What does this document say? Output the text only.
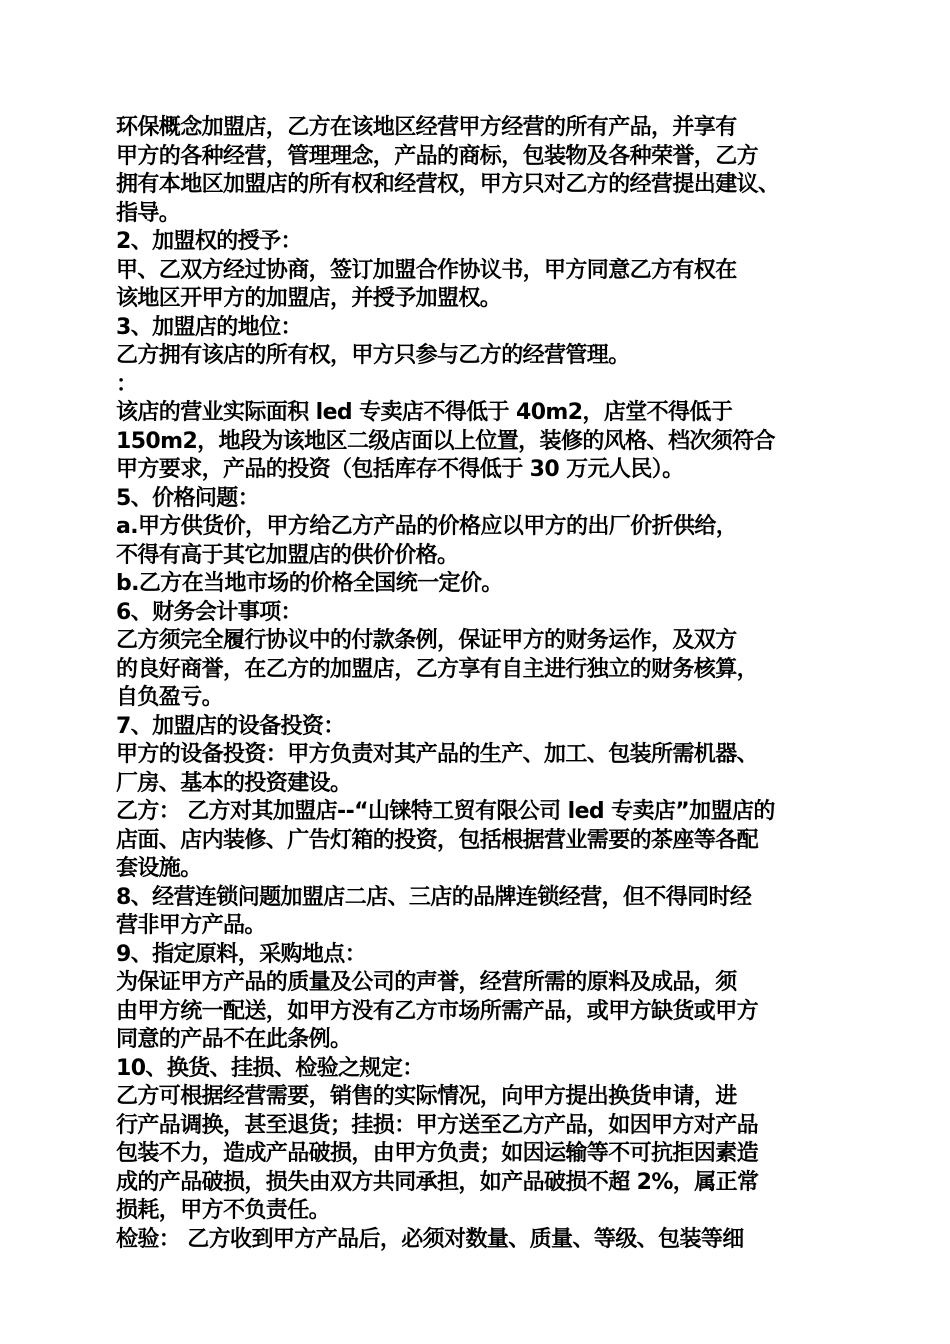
环保概念加盟店，乙方在该地区经营甲方经营的所有产品，并享有
甲方的各种经营，管理理念，产品的商标，包装物及各种荣誉，乙方
拥有本地区加盟店的所有权和经营权，甲方只对乙方的经营提出建议、
指导。
2、加盟权的授予：
甲、乙双方经过协商，签订加盟合作协议书，甲方同意乙方有权在
该地区开甲方的加盟店，并授予加盟权。
3、加盟店的地位：
乙方拥有该店的所有权，甲方只参与乙方的经营管理。
：
该店的营业实际面积 led 专卖店不得低于 40m2，店堂不得低于
150m2，地段为该地区二级店面以上位置，装修的风格、档次须符合
甲方要求，产品的投资（包括库存不得低于 30 万元人民）。
5、价格问题：
a.甲方供货价，甲方给乙方产品的价格应以甲方的出厂价折供给，
不得有高于其它加盟店的供价价格。
b.乙方在当地市场的价格全国统一定价。
6、财务会计事项：
乙方须完全履行协议中的付款条例，保证甲方的财务运作，及双方
的良好商誉，在乙方的加盟店，乙方享有自主进行独立的财务核算，
自负盈亏。
7、加盟店的设备投资：
甲方的设备投资：甲方负责对其产品的生产、加工、包装所需机器、
厂房、基本的投资建设。
乙方： 乙方对其加盟店--“山铼特工贸有限公司 led 专卖店”加盟店的
店面、店内装修、广告灯箱的投资，包括根据营业需要的茶座等各配
套设施。
8、经营连锁问题加盟店二店、三店的品牌连锁经营，但不得同时经
营非甲方产品。
9、指定原料，采购地点：
为保证甲方产品的质量及公司的声誉，经营所需的原料及成品，须
由甲方统一配送，如甲方没有乙方市场所需产品，或甲方缺货或甲方
同意的产品不在此条例。
10、换货、挂损、检验之规定：
乙方可根据经营需要，销售的实际情况，向甲方提出换货申请，进
行产品调换，甚至退货；挂损：甲方送至乙方产品，如因甲方对产品
包装不力，造成产品破损，由甲方负责；如因运输等不可抗拒因素造
成的产品破损，损失由双方共同承担，如产品破损不超 2%，属正常
损耗，甲方不负责任。
检验： 乙方收到甲方产品后，必须对数量、质量、等级、包装等细
